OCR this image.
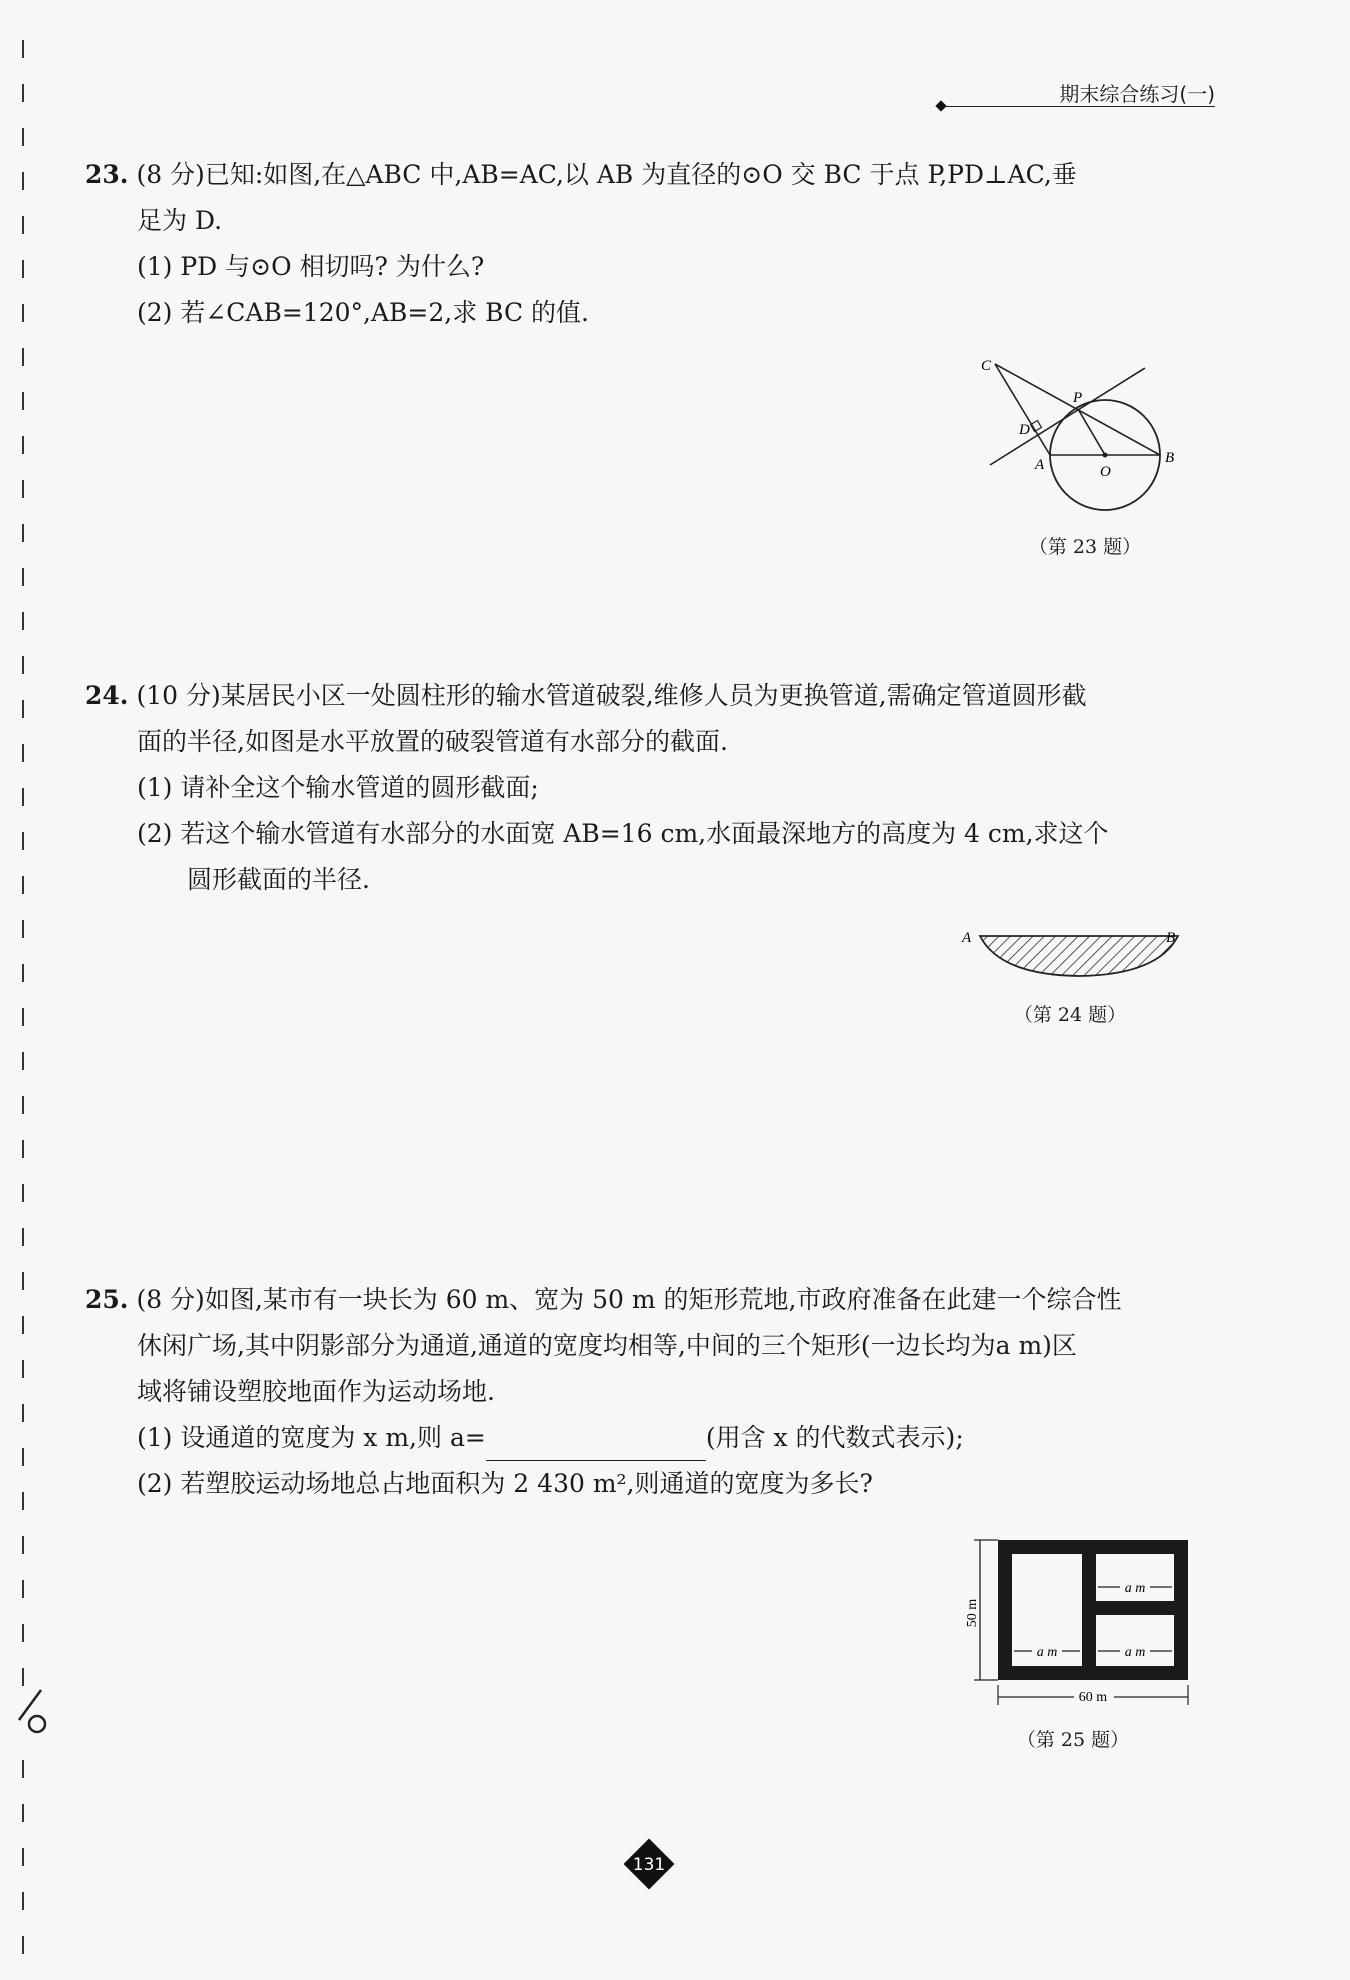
期末综合练习(一)

23. (8 分)已知:如图,在△ABC 中,AB=AC,以 AB 为直径的⊙O 交 BC 于点 P,PD⊥AC,垂

足为 D.

(1) PD 与⊙O 相切吗? 为什么?

(2) 若∠CAB=120°,AB=2,求 BC 的值.

C
P
D
A	O
B
（第 23 题）

24. (10 分)某居民小区一处圆柱形的输水管道破裂,维修人员为更换管道,需确定管道圆形截

面的半径,如图是水平放置的破裂管道有水部分的截面.

(1) 请补全这个输水管道的圆形截面;

(2) 若这个输水管道有水部分的水面宽 AB=16 cm,水面最深地方的高度为 4 cm,求这个

圆形截面的半径.

A	B
（第 24 题）

25. (8 分)如图,某市有一块长为 60 m、宽为 50 m 的矩形荒地,市政府准备在此建一个综合性

休闲广场,其中阴影部分为通道,通道的宽度均相等,中间的三个矩形(一边长均为a m)区

域将铺设塑胶地面作为运动场地.

(1) 设通道的宽度为 x m,则 a=	(用含 x 的代数式表示);

(2) 若塑胶运动场地总占地面积为 2 430 m²,则通道的宽度为多长?

50 m
60 m
a m
a m
a m
（第 25 题）
131
